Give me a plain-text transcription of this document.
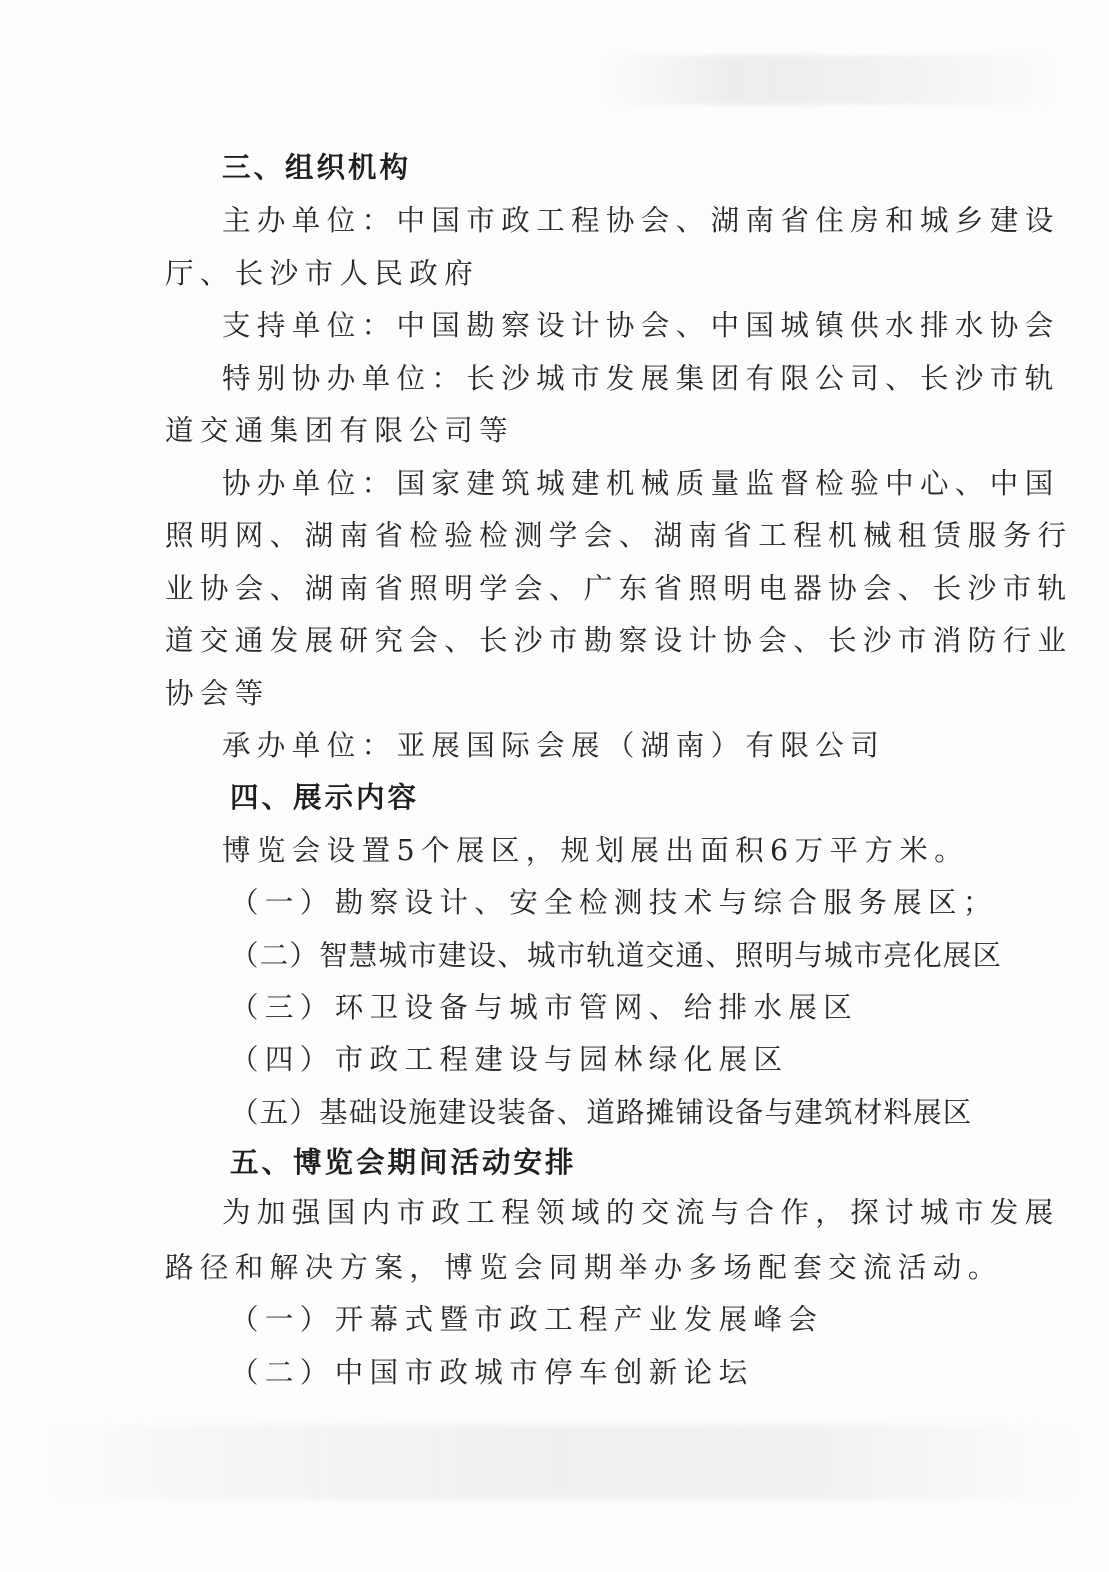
三、组织机构
主办单位：中国市政工程协会、湖南省住房和城乡建设
厅、长沙市人民政府
支持单位：中国勘察设计协会、中国城镇供水排水协会
特别协办单位：长沙城市发展集团有限公司、长沙市轨
道交通集团有限公司等
协办单位：国家建筑城建机械质量监督检验中心、中国
照明网、湖南省检验检测学会、湖南省工程机械租赁服务行
业协会、湖南省照明学会、广东省照明电器协会、长沙市轨
道交通发展研究会、长沙市勘察设计协会、长沙市消防行业
协会等
承办单位：亚展国际会展（湖南）有限公司
四、展示内容
博览会设置5个展区，规划展出面积6万平方米。
（一）勘察设计、安全检测技术与综合服务展区；
（二）智慧城市建设、城市轨道交通、照明与城市亮化展区
（三）环卫设备与城市管网、给排水展区
（四）市政工程建设与园林绿化展区
（五）基础设施建设装备、道路摊铺设备与建筑材料展区
五、博览会期间活动安排
为加强国内市政工程领域的交流与合作，探讨城市发展
路径和解决方案，博览会同期举办多场配套交流活动。
（一）开幕式暨市政工程产业发展峰会
（二）中国市政城市停车创新论坛
